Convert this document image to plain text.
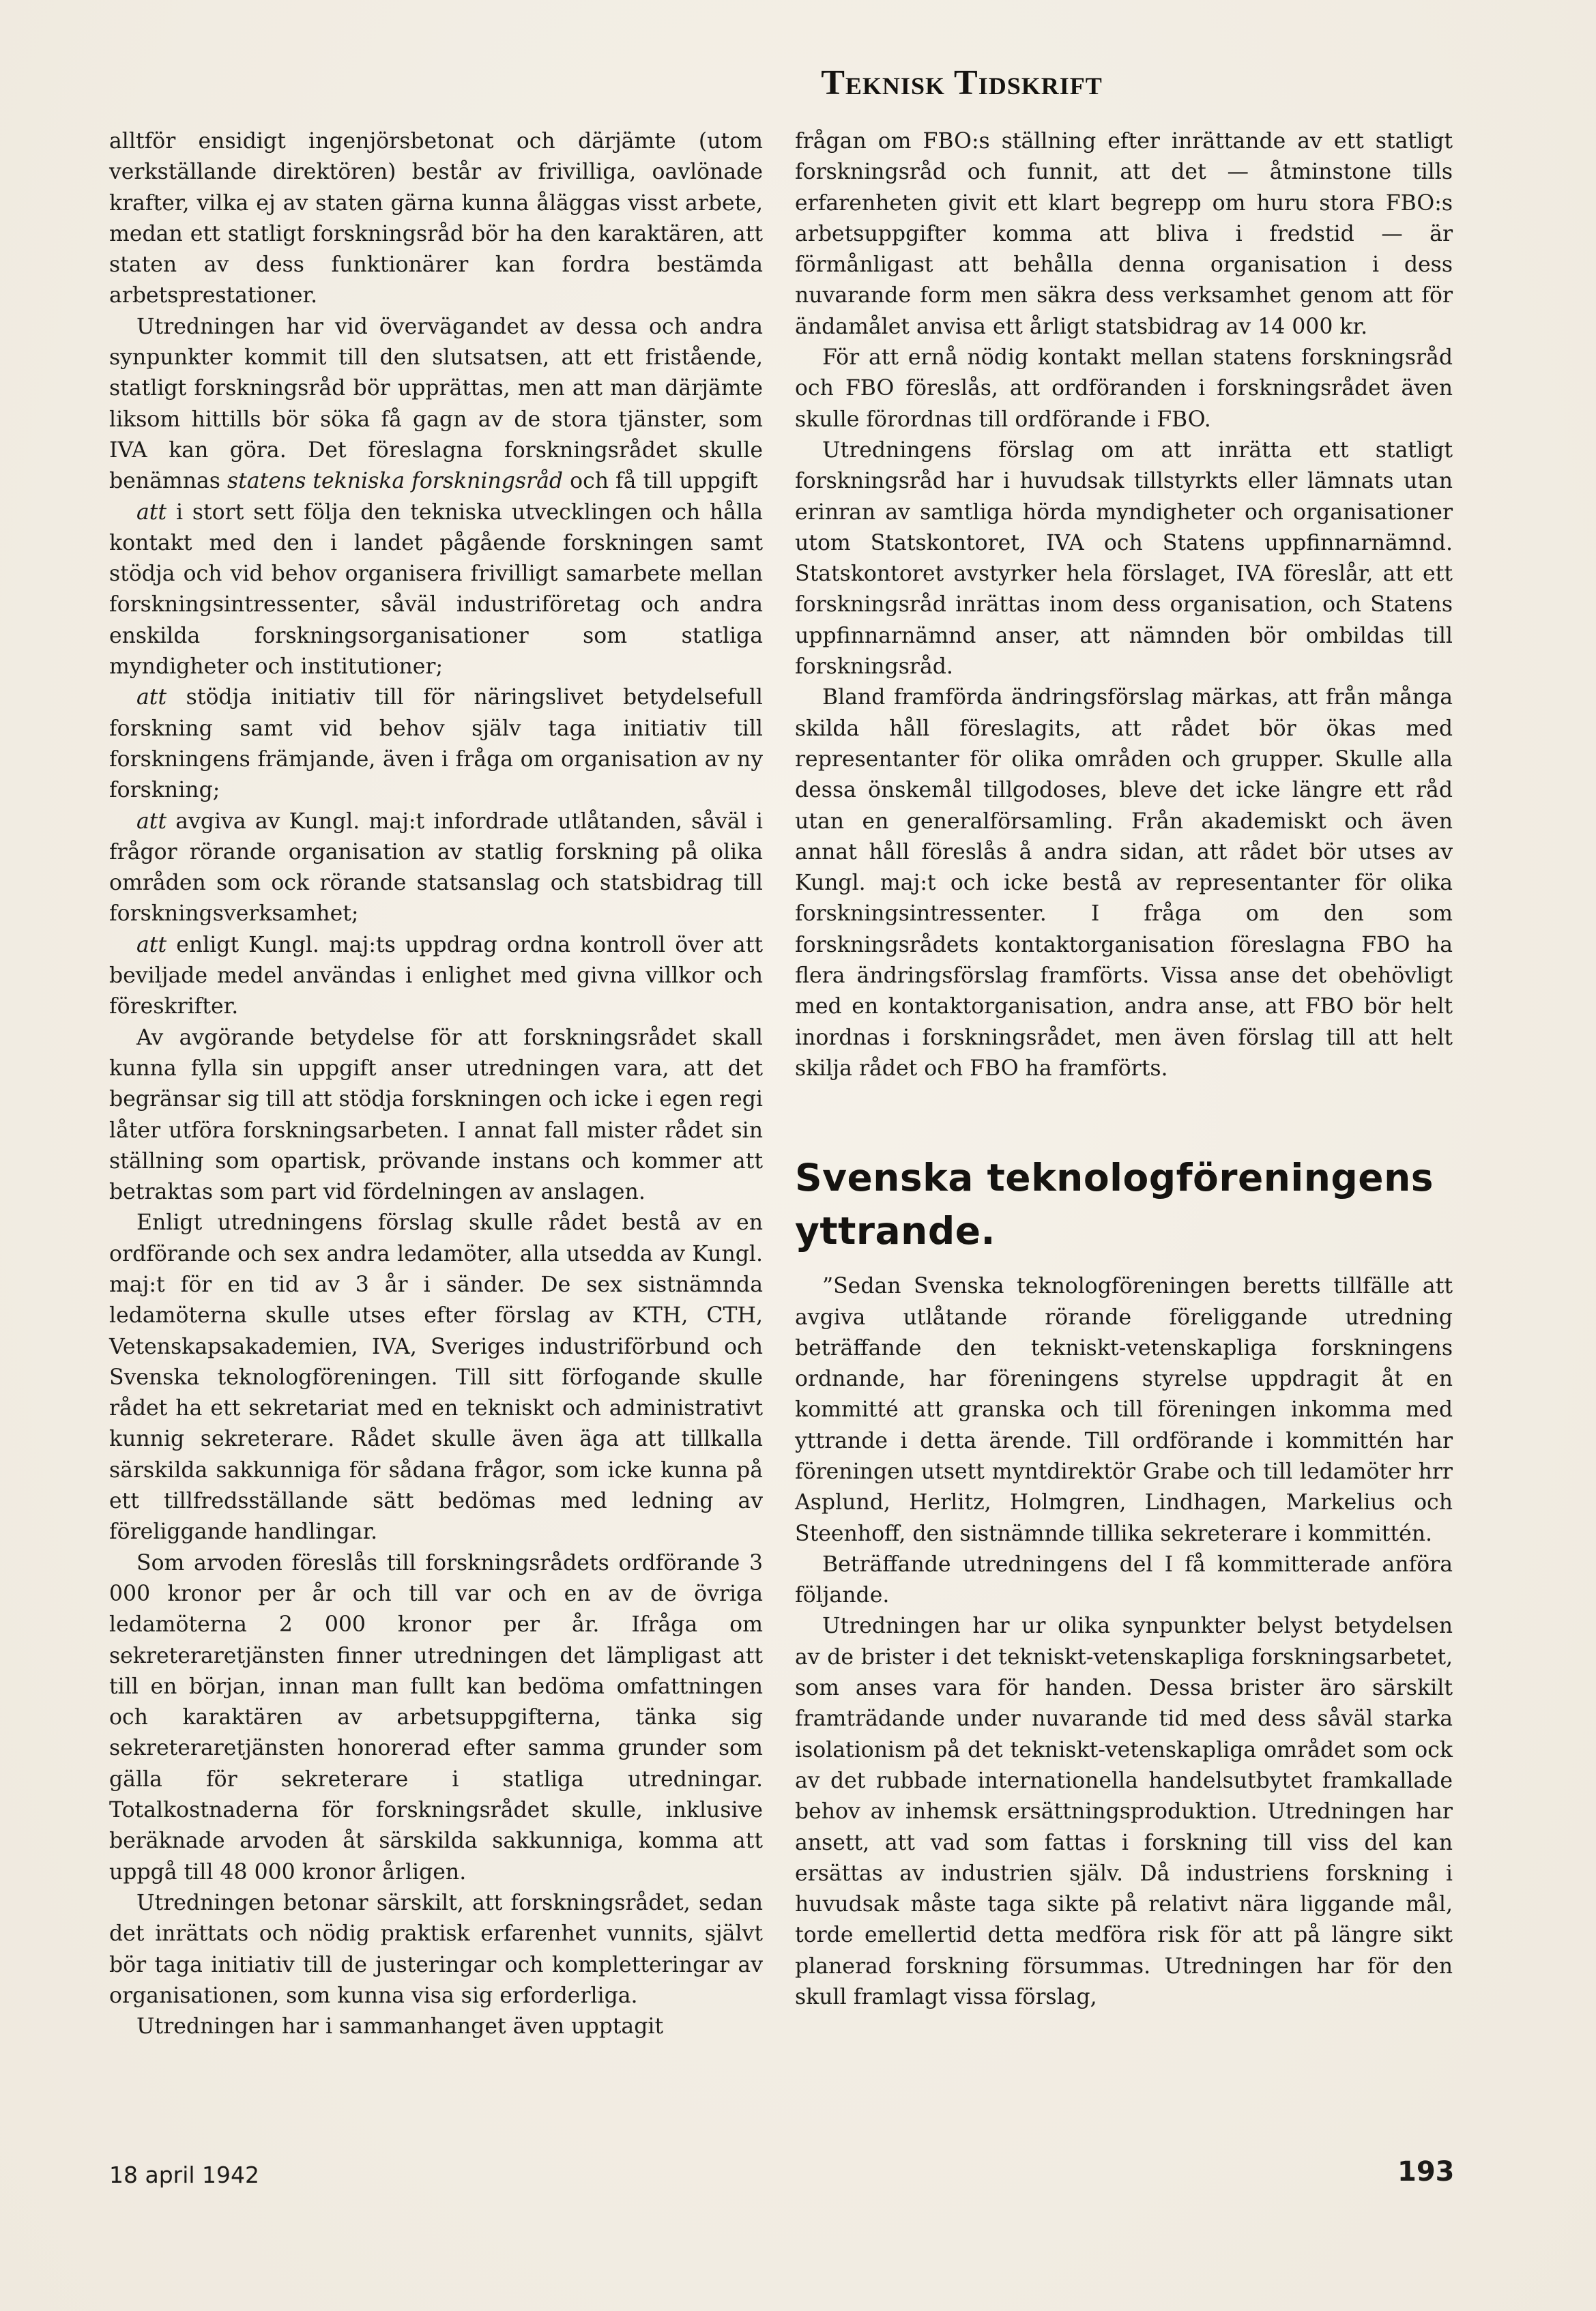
Teknisk Tidskrift

alltför ensidigt ingenjörsbetonat och därjämte (utom verkställande direktören) består av frivilliga, oavlönade krafter, vilka ej av staten gärna kunna åläggas visst arbete, medan ett statligt forskningsråd bör ha den karaktären, att staten av dess funktionärer kan fordra bestämda arbetsprestationer.

Utredningen har vid övervägandet av dessa och andra synpunkter kommit till den slutsatsen, att ett fristående, statligt forskningsråd bör upprättas, men att man därjämte liksom hittills bör söka få gagn av de stora tjänster, som IVA kan göra. Det föreslagna forskningsrådet skulle benämnas statens tekniska forskningsråd och få till uppgift

att i stort sett följa den tekniska utvecklingen och hålla kontakt med den i landet pågående forskningen samt stödja och vid behov organisera frivilligt samarbete mellan forskningsintressenter, såväl industriföretag och andra enskilda forskningsorganisationer som statliga myndigheter och institutioner;

att stödja initiativ till för näringslivet betydelsefull forskning samt vid behov själv taga initiativ till forskningens främjande, även i fråga om organisation av ny forskning;

att avgiva av Kungl. maj:t infordrade utlåtanden, såväl i frågor rörande organisation av statlig forskning på olika områden som ock rörande statsanslag och statsbidrag till forskningsverksamhet;

att enligt Kungl. maj:ts uppdrag ordna kontroll över att beviljade medel användas i enlighet med givna villkor och föreskrifter.

Av avgörande betydelse för att forskningsrådet skall kunna fylla sin uppgift anser utredningen vara, att det begränsar sig till att stödja forskningen och icke i egen regi låter utföra forskningsarbeten. I annat fall mister rådet sin ställning som opartisk, prövande instans och kommer att betraktas som part vid fördelningen av anslagen.

Enligt utredningens förslag skulle rådet bestå av en ordförande och sex andra ledamöter, alla utsedda av Kungl. maj:t för en tid av 3 år i sänder. De sex sistnämnda ledamöterna skulle utses efter förslag av KTH, CTH, Vetenskapsakademien, IVA, Sveriges industriförbund och Svenska teknologföreningen. Till sitt förfogande skulle rådet ha ett sekretariat med en tekniskt och administrativt kunnig sekreterare. Rådet skulle även äga att tillkalla särskilda sakkunniga för sådana frågor, som icke kunna på ett tillfredsställande sätt bedömas med ledning av föreliggande handlingar.

Som arvoden föreslås till forskningsrådets ordförande 3 000 kronor per år och till var och en av de övriga ledamöterna 2 000 kronor per år. Ifråga om sekreteraretjänsten finner utredningen det lämpligast att till en början, innan man fullt kan bedöma omfattningen och karaktären av arbetsuppgifterna, tänka sig sekreteraretjänsten honorerad efter samma grunder som gälla för sekreterare i statliga utredningar. Totalkostnaderna för forskningsrådet skulle, inklusive beräknade arvoden åt särskilda sakkunniga, komma att uppgå till 48 000 kronor årligen.

Utredningen betonar särskilt, att forskningsrådet, sedan det inrättats och nödig praktisk erfarenhet vunnits, självt bör taga initiativ till de justeringar och kompletteringar av organisationen, som kunna visa sig erforderliga.

Utredningen har i sammanhanget även upptagit

frågan om FBO:s ställning efter inrättande av ett statligt forskningsråd och funnit, att det — åtminstone tills erfarenheten givit ett klart begrepp om huru stora FBO:s arbetsuppgifter komma att bliva i fredstid — är förmånligast att behålla denna organisation i dess nuvarande form men säkra dess verksamhet genom att för ändamålet anvisa ett årligt statsbidrag av 14 000 kr.

För att ernå nödig kontakt mellan statens forskningsråd och FBO föreslås, att ordföranden i forskningsrådet även skulle förordnas till ordförande i FBO.

Utredningens förslag om att inrätta ett statligt forskningsråd har i huvudsak tillstyrkts eller lämnats utan erinran av samtliga hörda myndigheter och organisationer utom Statskontoret, IVA och Statens uppfinnarnämnd. Statskontoret avstyrker hela förslaget, IVA föreslår, att ett forskningsråd inrättas inom dess organisation, och Statens uppfinnarnämnd anser, att nämnden bör ombildas till forskningsråd.

Bland framförda ändringsförslag märkas, att från många skilda håll föreslagits, att rådet bör ökas med representanter för olika områden och grupper. Skulle alla dessa önskemål tillgodoses, bleve det icke längre ett råd utan en generalförsamling. Från akademiskt och även annat håll föreslås å andra sidan, att rådet bör utses av Kungl. maj:t och icke bestå av representanter för olika forskningsintressenter. I fråga om den som forskningsrådets kontaktorganisation föreslagna FBO ha flera ändringsförslag framförts. Vissa anse det obehövligt med en kontaktorganisation, andra anse, att FBO bör helt inordnas i forskningsrådet, men även förslag till att helt skilja rådet och FBO ha framförts.

Svenska teknologföreningens yttrande.

”Sedan Svenska teknologföreningen beretts tillfälle att avgiva utlåtande rörande föreliggande utredning beträffande den tekniskt-vetenskapliga forskningens ordnande, har föreningens styrelse uppdragit åt en kommitté att granska och till föreningen inkomma med yttrande i detta ärende. Till ordförande i kommittén har föreningen utsett myntdirektör Grabe och till ledamöter hrr Asplund, Herlitz, Holmgren, Lindhagen, Markelius och Steenhoff, den sistnämnde tillika sekreterare i kommittén.

Beträffande utredningens del I få kommitterade anföra följande.

Utredningen har ur olika synpunkter belyst betydelsen av de brister i det tekniskt-vetenskapliga forskningsarbetet, som anses vara för handen. Dessa brister äro särskilt framträdande under nuvarande tid med dess såväl starka isolationism på det tekniskt-vetenskapliga området som ock av det rubbade internationella handelsutbytet framkallade behov av inhemsk ersättningsproduktion. Utredningen har ansett, att vad som fattas i forskning till viss del kan ersättas av industrien själv. Då industriens forskning i huvudsak måste taga sikte på relativt nära liggande mål, torde emellertid detta medföra risk för att på längre sikt planerad forskning försummas. Utredningen har för den skull framlagt vissa förslag,

18 april 1942	193
